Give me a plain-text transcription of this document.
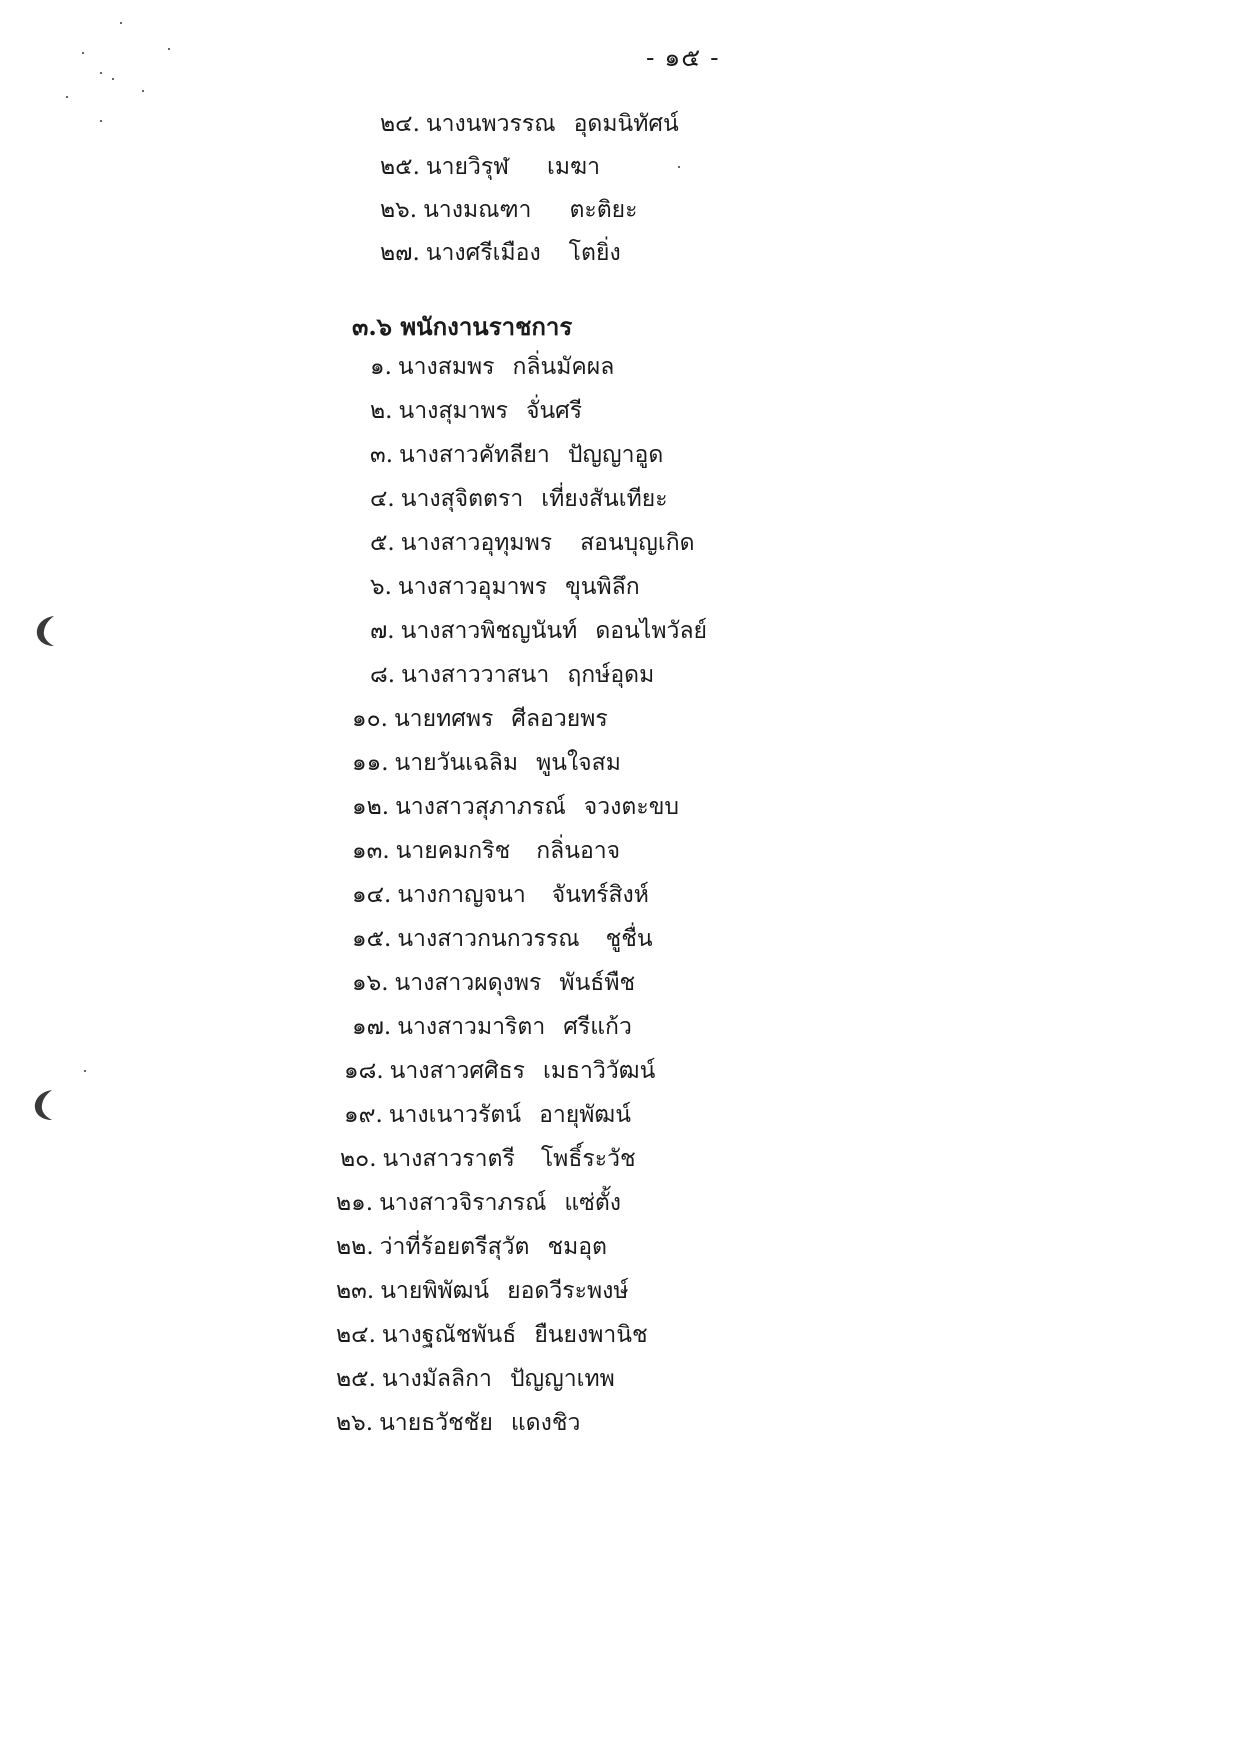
- ๑๕ -
๒๔. นางนพวรรณ อุดมนิทัศน์
๒๕. นายวิรุฬ เมฆา
๒๖. นางมณฑา ตะติยะ
๒๗. นางศรีเมือง โตยิ่ง
๓.๖ พนักงานราชการ
๑. นางสมพร กลิ่นมัคผล
๒. นางสุมาพร จั่นศรี
๓. นางสาวคัทลียา ปัญญาอูด
๔. นางสุจิตตรา เที่ยงสันเทียะ
๕. นางสาวอุทุมพร สอนบุญเกิด
๖. นางสาวอุมาพร ขุนพิลึก
๗. นางสาวพิชญนันท์ ดอนไพวัลย์
๘. นางสาววาสนา ฤกษ์อุดม
๑๐. นายทศพร ศีลอวยพร
๑๑. นายวันเฉลิม พูนใจสม
๑๒. นางสาวสุภาภรณ์ จวงตะขบ
๑๓. นายคมกริช กลิ่นอาจ
๑๔. นางกาญจนา จันทร์สิงห์
๑๕. นางสาวกนกวรรณ ชูชื่น
๑๖. นางสาวผดุงพร พันธ์พืช
๑๗. นางสาวมาริตา ศรีแก้ว
๑๘. นางสาวศศิธร เมธาวิวัฒน์
๑๙. นางเนาวรัตน์ อายุพัฒน์
๒๐. นางสาวราตรี โพธิ์ระวัช
๒๑. นางสาวจิราภรณ์ แซ่ตั้ง
๒๒. ว่าที่ร้อยตรีสุวัต ชมอุต
๒๓. นายพิพัฒน์ ยอดวีระพงษ์
๒๔. นางฐณัชพันธ์ ยืนยงพานิช
๒๕. นางมัลลิกา ปัญญาเทพ
๒๖. นายธวัชชัย แดงชิว
